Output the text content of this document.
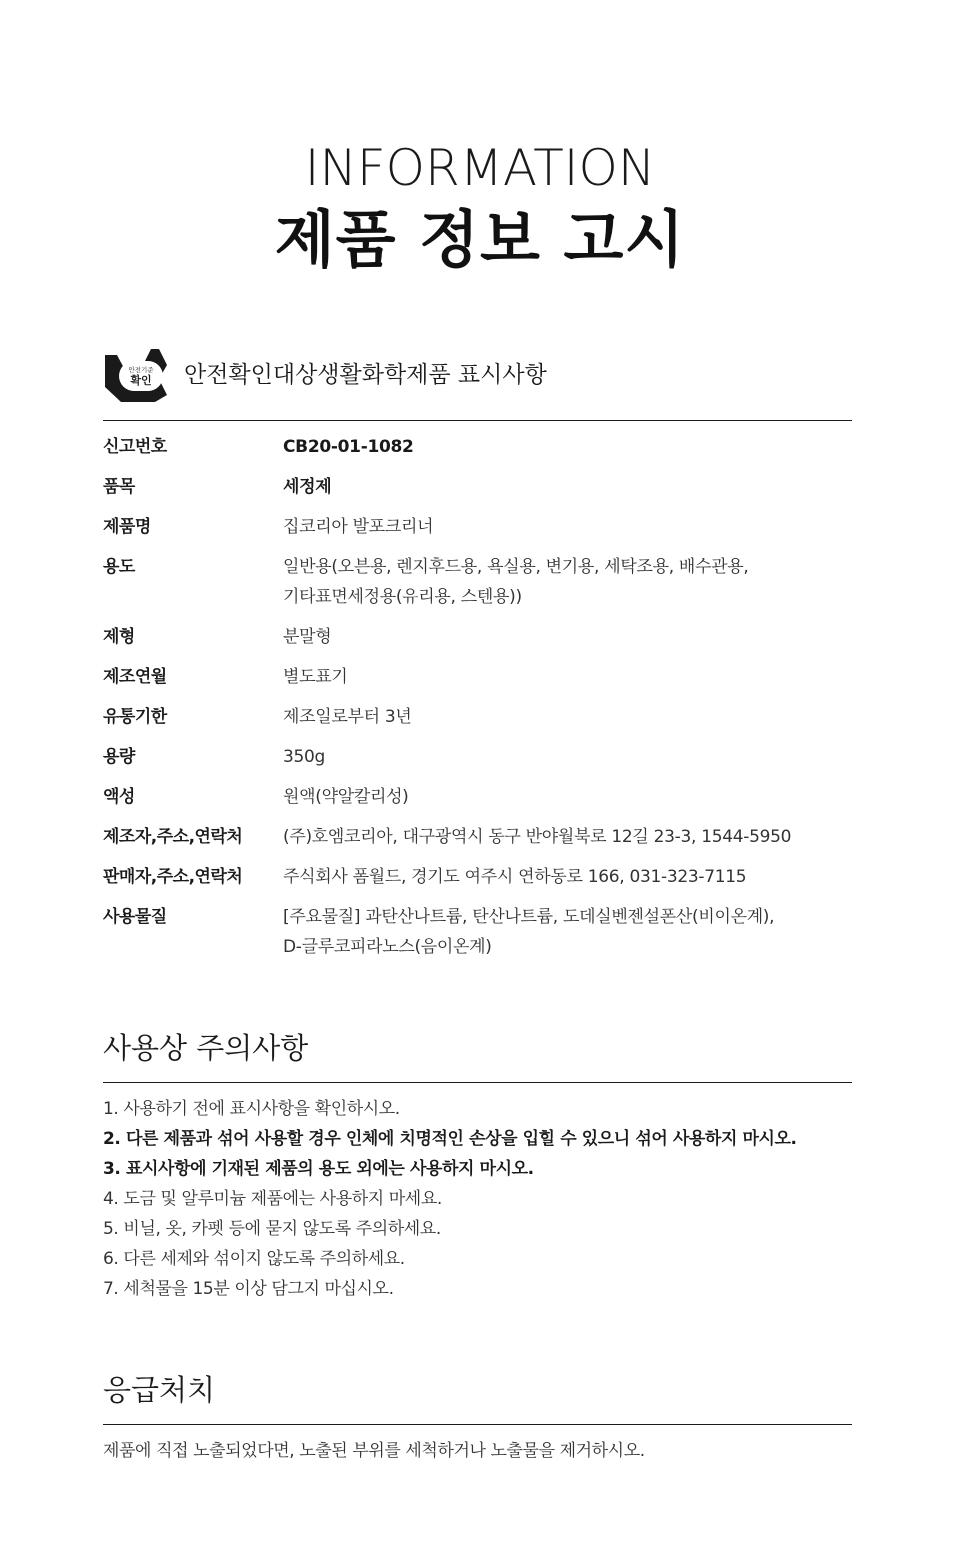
INFORMATION
제품 정보 고시
안전기준
확인 안전확인대상생활화학제품 표시사항
신고번호	CB20-01-1082
품목	세정제
제품명	집코리아 발포크리너
용도	일반용(오븐용, 렌지후드용, 욕실용, 변기용, 세탁조용, 배수관용,
기타표면세정용(유리용, 스텐용))
제형	분말형
제조연월	별도표기
유통기한	제조일로부터 3년
용량	350g
액성	원액(약알칼리성)
제조자,주소,연락처	(주)호엠코리아, 대구광역시 동구 반야월북로 12길 23-3, 1544-5950
판매자,주소,연락처	주식회사 폼월드, 경기도 여주시 연하동로 166, 031-323-7115
사용물질	[주요물질] 과탄산나트륨, 탄산나트륨, 도데실벤젠설폰산(비이온계),
D-글루코피라노스(음이온계)
사용상 주의사항
1. 사용하기 전에 표시사항을 확인하시오.
2. 다른 제품과 섞어 사용할 경우 인체에 치명적인 손상을 입힐 수 있으니 섞어 사용하지 마시오.
3. 표시사항에 기재된 제품의 용도 외에는 사용하지 마시오.
4. 도금 및 알루미늄 제품에는 사용하지 마세요.
5. 비닐, 옷, 카펫 등에 묻지 않도록 주의하세요.
6. 다른 세제와 섞이지 않도록 주의하세요.
7. 세척물을 15분 이상 담그지 마십시오.
응급처치
제품에 직접 노출되었다면, 노출된 부위를 세척하거나 노출물을 제거하시오.
